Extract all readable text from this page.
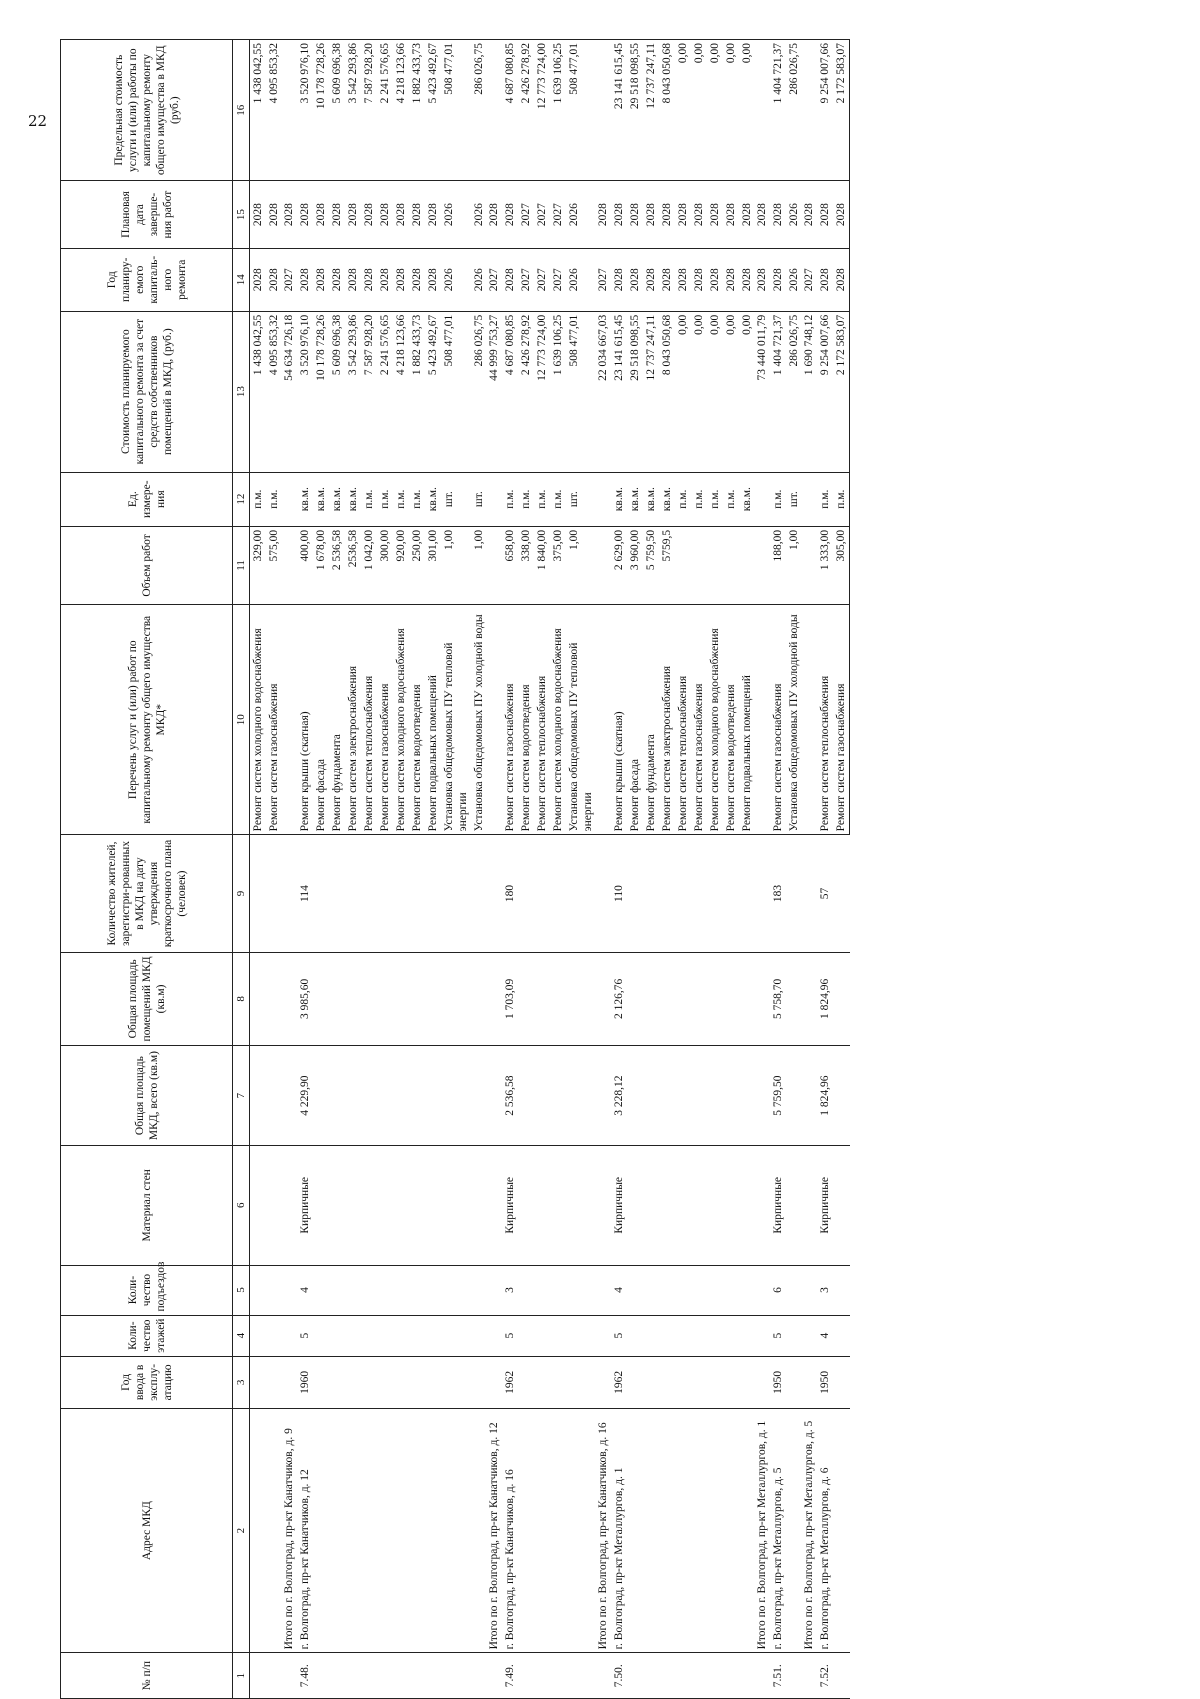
22
№ п/п	Адрес МКД	Год ввода в эксплу-атацию	Коли-чество этажей	Коли-чество подъездов	Материал стен	Общая площадь МКД, всего (кв.м)	Общая площадь помещений МКД (кв.м)	Количество жителей, зарегистри-рованных в МКД на дату утверждения краткосрочного плана (человек)	Перечень услуг и (или) работ по капитальному ремонту общего имущества МКД*	Объем работ	Ед. измере-ния	Стоимость планируемого капитального ремонта за счет средств собственников помещений в МКД, (руб.)	Год планиру-емого капиталь-ного ремонта	Плановая дата заверше-ния работ	Предельная стоимость услуги и (или) работы по капитальному ремонту общего имущества в МКД (руб.)
1	2	3	4	5	6	7	8	9	10	11	12	13	14	15	16
									Ремонт систем холодного водоснабжения	329,00	п.м.	1 438 042,55	2028	2028	1 438 042,55
									Ремонт систем газоснабжения	575,00	п.м.	4 095 853,32	2028	2028	4 095 853,32
	Итого по г. Волгоград, пр-кт Канатчиков, д. 9											54 634 726,18	2027	2028	
7.48.	г. Волгоград, пр-кт Канатчиков, д. 12	1960	5	4	Кирпичные	4 229,90	3 985,60	114	Ремонт крыши (скатная)	400,00	кв.м.	3 520 976,10	2028	2028	3 520 976,10
									Ремонт фасада	1 678,00	кв.м.	10 178 728,26	2028	2028	10 178 728,26
									Ремонт фундамента	2 536,58	кв.м.	5 609 696,38	2028	2028	5 609 696,38
									Ремонт систем электроснабжения	2536,58	кв.м.	3 542 293,86	2028	2028	3 542 293,86
									Ремонт систем теплоснабжения	1 042,00	п.м.	7 587 928,20	2028	2028	7 587 928,20
									Ремонт систем газоснабжения	300,00	п.м.	2 241 576,65	2028	2028	2 241 576,65
									Ремонт систем холодного водоснабжения	920,00	п.м.	4 218 123,66	2028	2028	4 218 123,66
									Ремонт систем водоотведения	250,00	п.м.	1 882 433,73	2028	2028	1 882 433,73
									Ремонт подвальных помещений	301,00	кв.м.	5 423 492,67	2028	2028	5 423 492,67
									Установка общедомовых ПУ тепловой энергии	1,00	шт.	508 477,01	2026	2026	508 477,01
									Установка общедомовых ПУ холодной воды	1,00	шт.	286 026,75	2026	2026	286 026,75
	Итого по г. Волгоград, пр-кт Канатчиков, д. 12											44 999 753,27	2027	2028	
7.49.	г. Волгоград, пр-кт Канатчиков, д. 16	1962	5	3	Кирпичные	2 536,58	1 703,09	180	Ремонт систем газоснабжения	658,00	п.м.	4 687 080,85	2028	2028	4 687 080,85
									Ремонт систем водоотведения	338,00	п.м.	2 426 278,92	2027	2027	2 426 278,92
									Ремонт систем теплоснабжения	1 840,00	п.м.	12 773 724,00	2027	2027	12 773 724,00
									Ремонт систем холодного водоснабжения	375,00	п.м.	1 639 106,25	2027	2027	1 639 106,25
									Установка общедомовых ПУ тепловой энергии	1,00	шт.	508 477,01	2026	2026	508 477,01
	Итого по г. Волгоград, пр-кт Канатчиков, д. 16											22 034 667,03	2027	2028	
7.50.	г. Волгоград, пр-кт Металлургов, д. 1	1962	5	4	Кирпичные	3 228,12	2 126,76	110	Ремонт крыши (скатная)	2 629,00	кв.м.	23 141 615,45	2028	2028	23 141 615,45
									Ремонт фасада	3 960,00	кв.м.	29 518 098,55	2028	2028	29 518 098,55
									Ремонт фундамента	5 759,50	кв.м.	12 737 247,11	2028	2028	12 737 247,11
									Ремонт систем электроснабжения	5759,5	кв.м.	8 043 050,68	2028	2028	8 043 050,68
									Ремонт систем теплоснабжения		п.м.	0,00	2028	2028	0,00
									Ремонт систем газоснабжения		п.м.	0,00	2028	2028	0,00
									Ремонт систем холодного водоснабжения		п.м.	0,00	2028	2028	0,00
									Ремонт систем водоотведения		п.м.	0,00	2028	2028	0,00
									Ремонт подвальных помещений		кв.м.	0,00	2028	2028	0,00
	Итого по г. Волгоград, пр-кт Металлургов, д. 1											73 440 011,79	2028	2028	
7.51.	г. Волгоград, пр-кт Металлургов, д. 5	1950	5	6	Кирпичные	5 759,50	5 758,70	183	Ремонт систем газоснабжения	188,00	п.м.	1 404 721,37	2028	2028	1 404 721,37
									Установка общедомовых ПУ холодной воды	1,00	шт.	286 026,75	2026	2026	286 026,75
	Итого по г. Волгоград, пр-кт Металлургов, д. 5											1 690 748,12	2027	2028	
7.52.	г. Волгоград, пр-кт Металлургов, д. 6	1950	4	3	Кирпичные	1 824,96	1 824,96	57	Ремонт систем теплоснабжения	1 333,00	п.м.	9 254 007,66	2028	2028	9 254 007,66
									Ремонт систем газоснабжения	305,00	п.м.	2 172 583,07	2028	2028	2 172 583,07
